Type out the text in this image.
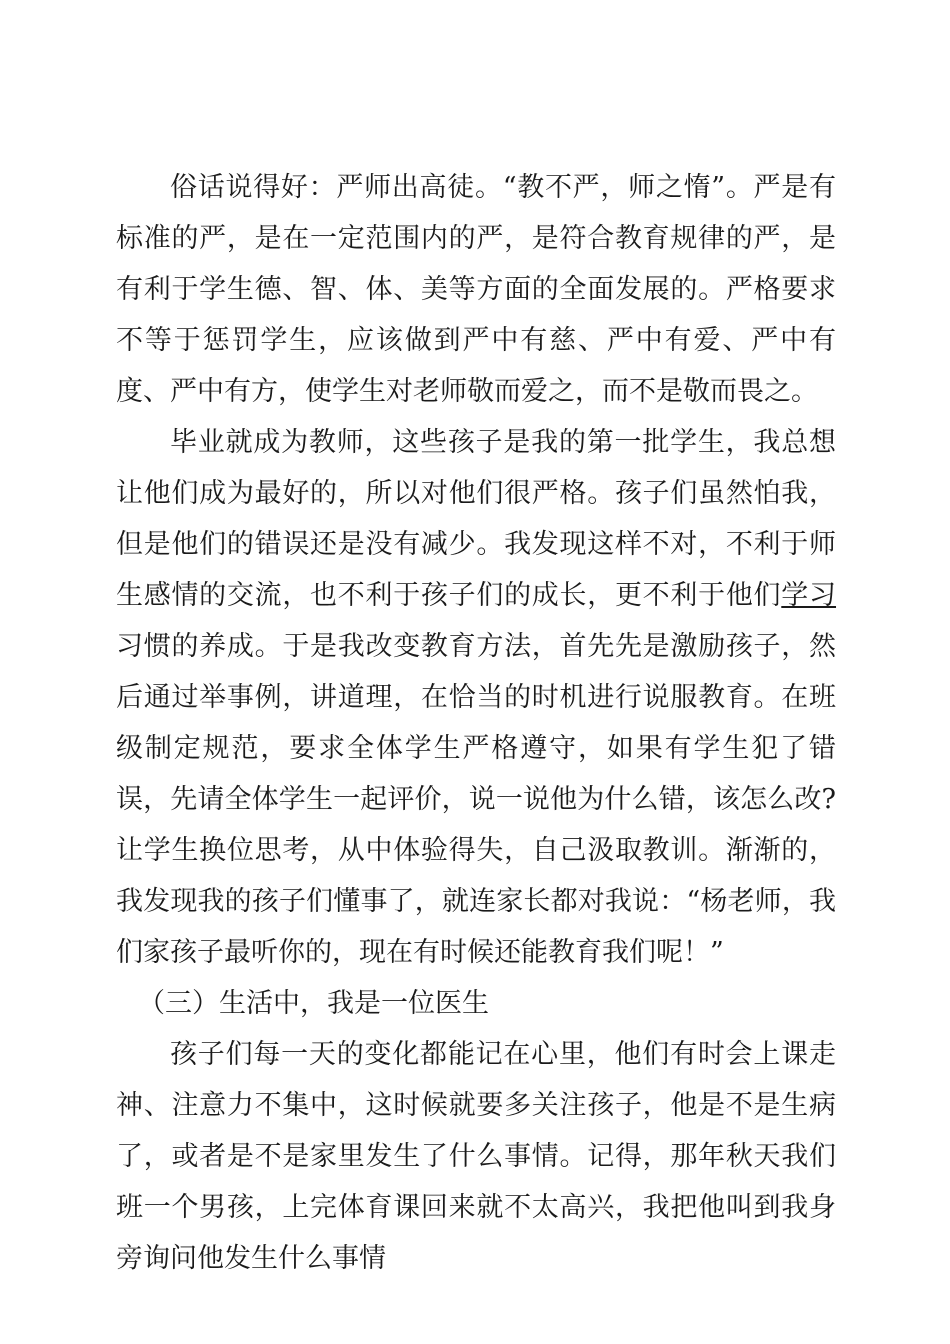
俗话说得好：严师出高徒。“教不严，师之惰”。严是有标准的严，是在一定范围内的严，是符合教育规律的严，是有利于学生德、智、体、美等方面的全面发展的。严格要求不等于惩罚学生，应该做到严中有慈、严中有爱、严中有度、严中有方，使学生对老师敬而爱之，而不是敬而畏之。

毕业就成为教师，这些孩子是我的第一批学生，我总想让他们成为最好的，所以对他们很严格。孩子们虽然怕我，但是他们的错误还是没有减少。我发现这样不对，不利于师生感情的交流，也不利于孩子们的成长，更不利于他们学习习惯的养成。于是我改变教育方法，首先先是激励孩子，然后通过举事例，讲道理，在恰当的时机进行说服教育。在班级制定规范，要求全体学生严格遵守，如果有学生犯了错误，先请全体学生一起评价，说一说他为什么错，该怎么改?让学生换位思考，从中体验得失，自己汲取教训。渐渐的，我发现我的孩子们懂事了，就连家长都对我说：“杨老师，我们家孩子最听你的，现在有时候还能教育我们呢！”

（三）生活中，我是一位医生

孩子们每一天的变化都能记在心里，他们有时会上课走神、注意力不集中，这时候就要多关注孩子，他是不是生病了，或者是不是家里发生了什么事情。记得，那年秋天我们班一个男孩，上完体育课回来就不太高兴，我把他叫到我身旁询问他发生什么事情
